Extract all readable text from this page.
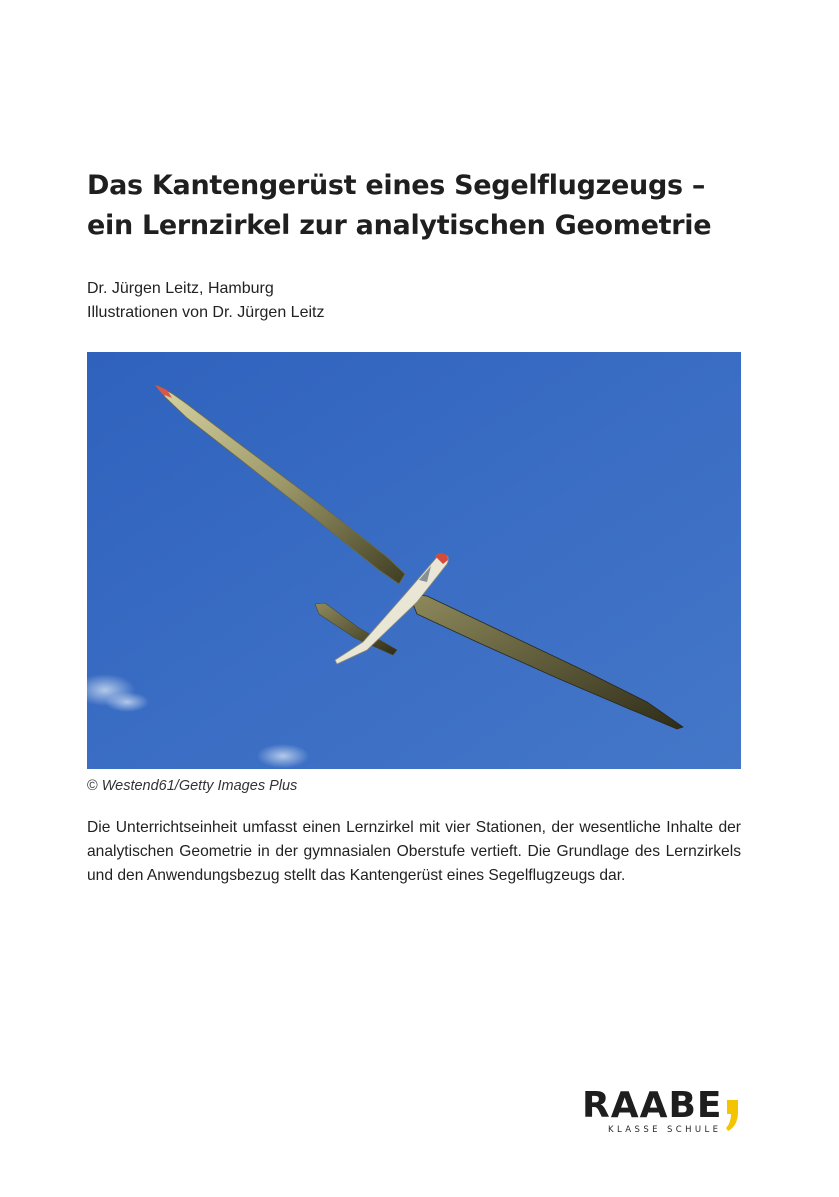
Das Kantengerüst eines Segelflugzeugs –
ein Lernzirkel zur analytischen Geometrie
Dr. Jürgen Leitz, Hamburg
Illustrationen von Dr. Jürgen Leitz
© Westend61/Getty Images Plus

Die Unterrichtseinheit umfasst einen Lernzirkel mit vier Stationen, der wesentliche Inhalte der analytischen Geometrie in der gymnasialen Oberstufe vertieft. Die Grundlage des Lernzirkels und den Anwendungsbezug stellt das Kantengerüst eines Segelflugzeugs dar.

RAABE
KLASSE SCHULE
